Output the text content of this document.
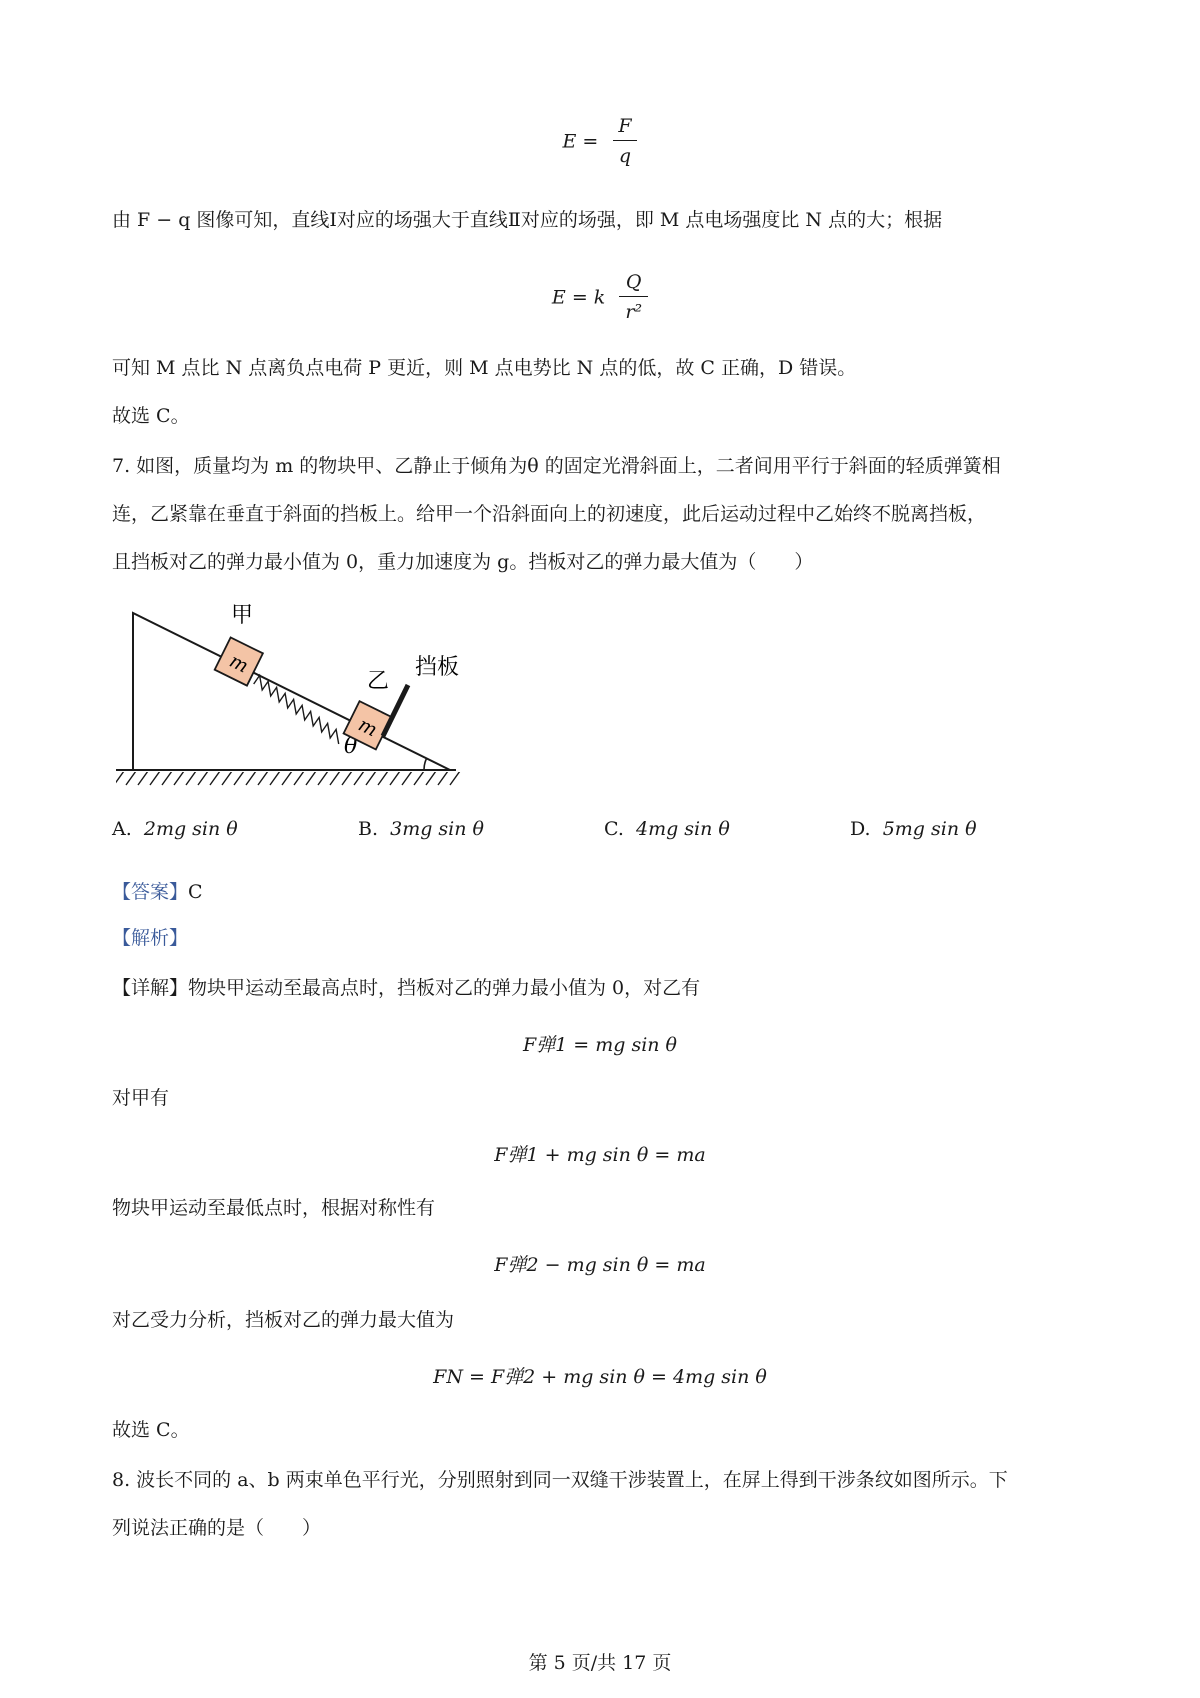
$E = \frac{F}{q}$
由 F − q 图像可知，直线Ⅰ对应的场强大于直线Ⅱ对应的场强，即 M 点电场强度比 N 点的大；根据
E = k $\frac{Q}{\text{r²}}$
可知 M 点比 N 点离负点电荷 P 更近，则 M 点电势比 N 点的低，故 C 正确，D 错误。
故选 C。
7. 如图，质量均为 m 的物块甲、乙静止于倾角为θ 的固定光滑斜面上，二者间用平行于斜面的轻质弹簧相
连，乙紧靠在垂直于斜面的挡板上。给甲一个沿斜面向上的初速度，此后运动过程中乙始终不脱离挡板，
且挡板对乙的弹力最小值为 0，重力加速度为 g。挡板对乙的弹力最大值为（　　）
θ
m
m
甲
乙
挡板
A. 2mg sin θ	B. 3mg sin θ	C. 4mg sin θ	D. 5mg sin θ
【答案】C
【解析】
【详解】物块甲运动至最高点时，挡板对乙的弹力最小值为 0，对乙有
F弹1 = mg sin θ
对甲有
F弹1 + mg sin θ = ma
物块甲运动至最低点时，根据对称性有
F弹2 − mg sin θ = ma
对乙受力分析，挡板对乙的弹力最大值为
FN = F弹2 + mg sin θ = 4mg sin θ
故选 C。
8. 波长不同的 a、b 两束单色平行光，分别照射到同一双缝干涉装置上，在屏上得到干涉条纹如图所示。下
列说法正确的是（　　）
第 5 页/共 17 页
